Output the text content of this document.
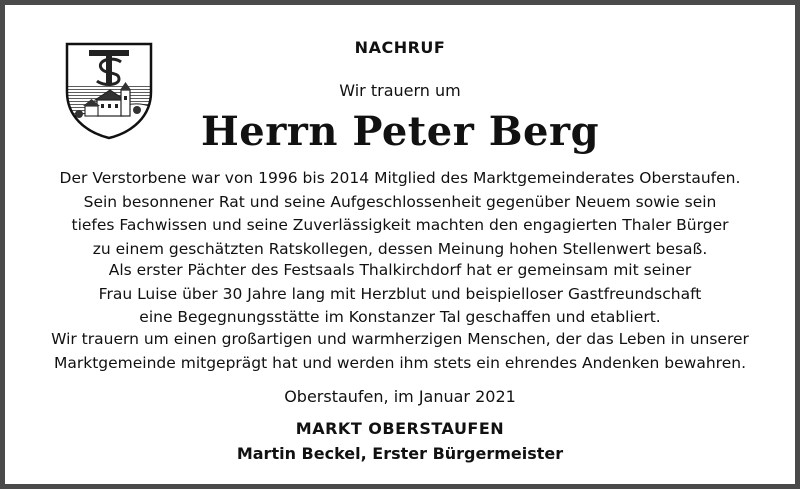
NACHRUF
Wir trauern um
Herrn Peter Berg
Der Verstorbene war von 1996 bis 2014 Mitglied des Marktgemeinderates Oberstaufen.
Sein besonnener Rat und seine Aufgeschlossenheit gegenüber Neuem sowie sein
tiefes Fachwissen und seine Zuverlässigkeit machten den engagierten Thaler Bürger
zu einem geschätzten Ratskollegen, dessen Meinung hohen Stellenwert besaß.
Als erster Pächter des Festsaals Thalkirchdorf hat er gemeinsam mit seiner
Frau Luise über 30 Jahre lang mit Herzblut und beispielloser Gastfreundschaft
eine Begegnungsstätte im Konstanzer Tal geschaffen und etabliert.
Wir trauern um einen großartigen und warmherzigen Menschen, der das Leben in unserer
Marktgemeinde mitgeprägt hat und werden ihm stets ein ehrendes Andenken bewahren.
Oberstaufen, im Januar 2021
MARKT OBERSTAUFEN
Martin Beckel, Erster Bürgermeister
